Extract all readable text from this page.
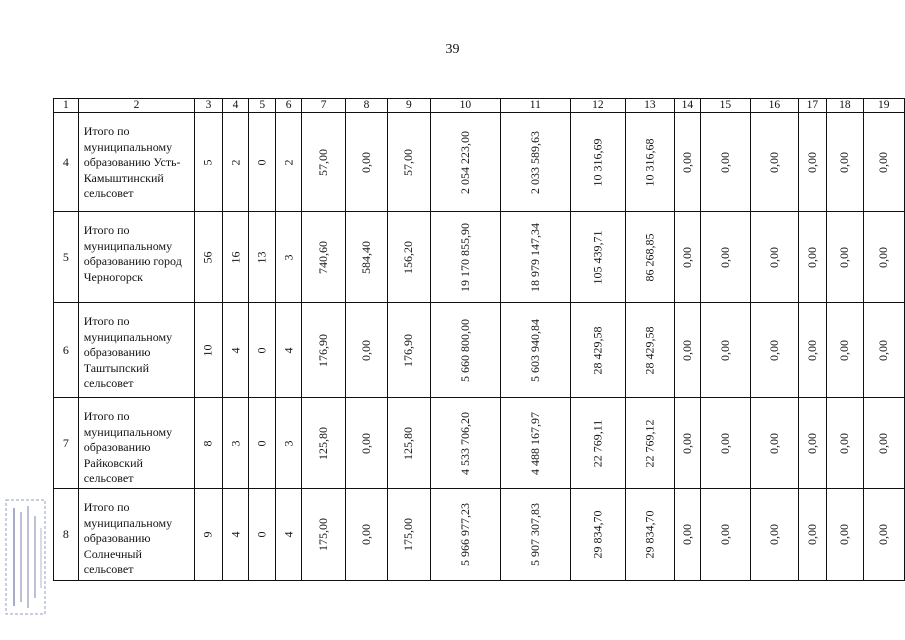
39
1	2	3	4	5	6	7	8	9	10	11	12	13	14	15	16	17	18	19
4	Итого по муниципальному образованию Усть-Камыштинский сельсовет	5	2	0	2	57,00	0,00	57,00	2 054 223,00	2 033 589,63	10 316,69	10 316,68	0,00	0,00	0,00	0,00	0,00	0,00
5	Итого по муниципальному образованию город Черногорск	56	16	13	3	740,60	584,40	156,20	19 170 855,90	18 979 147,34	105 439,71	86 268,85	0,00	0,00	0,00	0,00	0,00	0,00
6	Итого по муниципальному образованию Таштыпский сельсовет	10	4	0	4	176,90	0,00	176,90	5 660 800,00	5 603 940,84	28 429,58	28 429,58	0,00	0,00	0,00	0,00	0,00	0,00
7	Итого по муниципальному образованию Райковский сельсовет	8	3	0	3	125,80	0,00	125,80	4 533 706,20	4 488 167,97	22 769,11	22 769,12	0,00	0,00	0,00	0,00	0,00	0,00
8	Итого по муниципальному образованию Солнечный сельсовет	9	4	0	4	175,00	0,00	175,00	5 966 977,23	5 907 307,83	29 834,70	29 834,70	0,00	0,00	0,00	0,00	0,00	0,00
